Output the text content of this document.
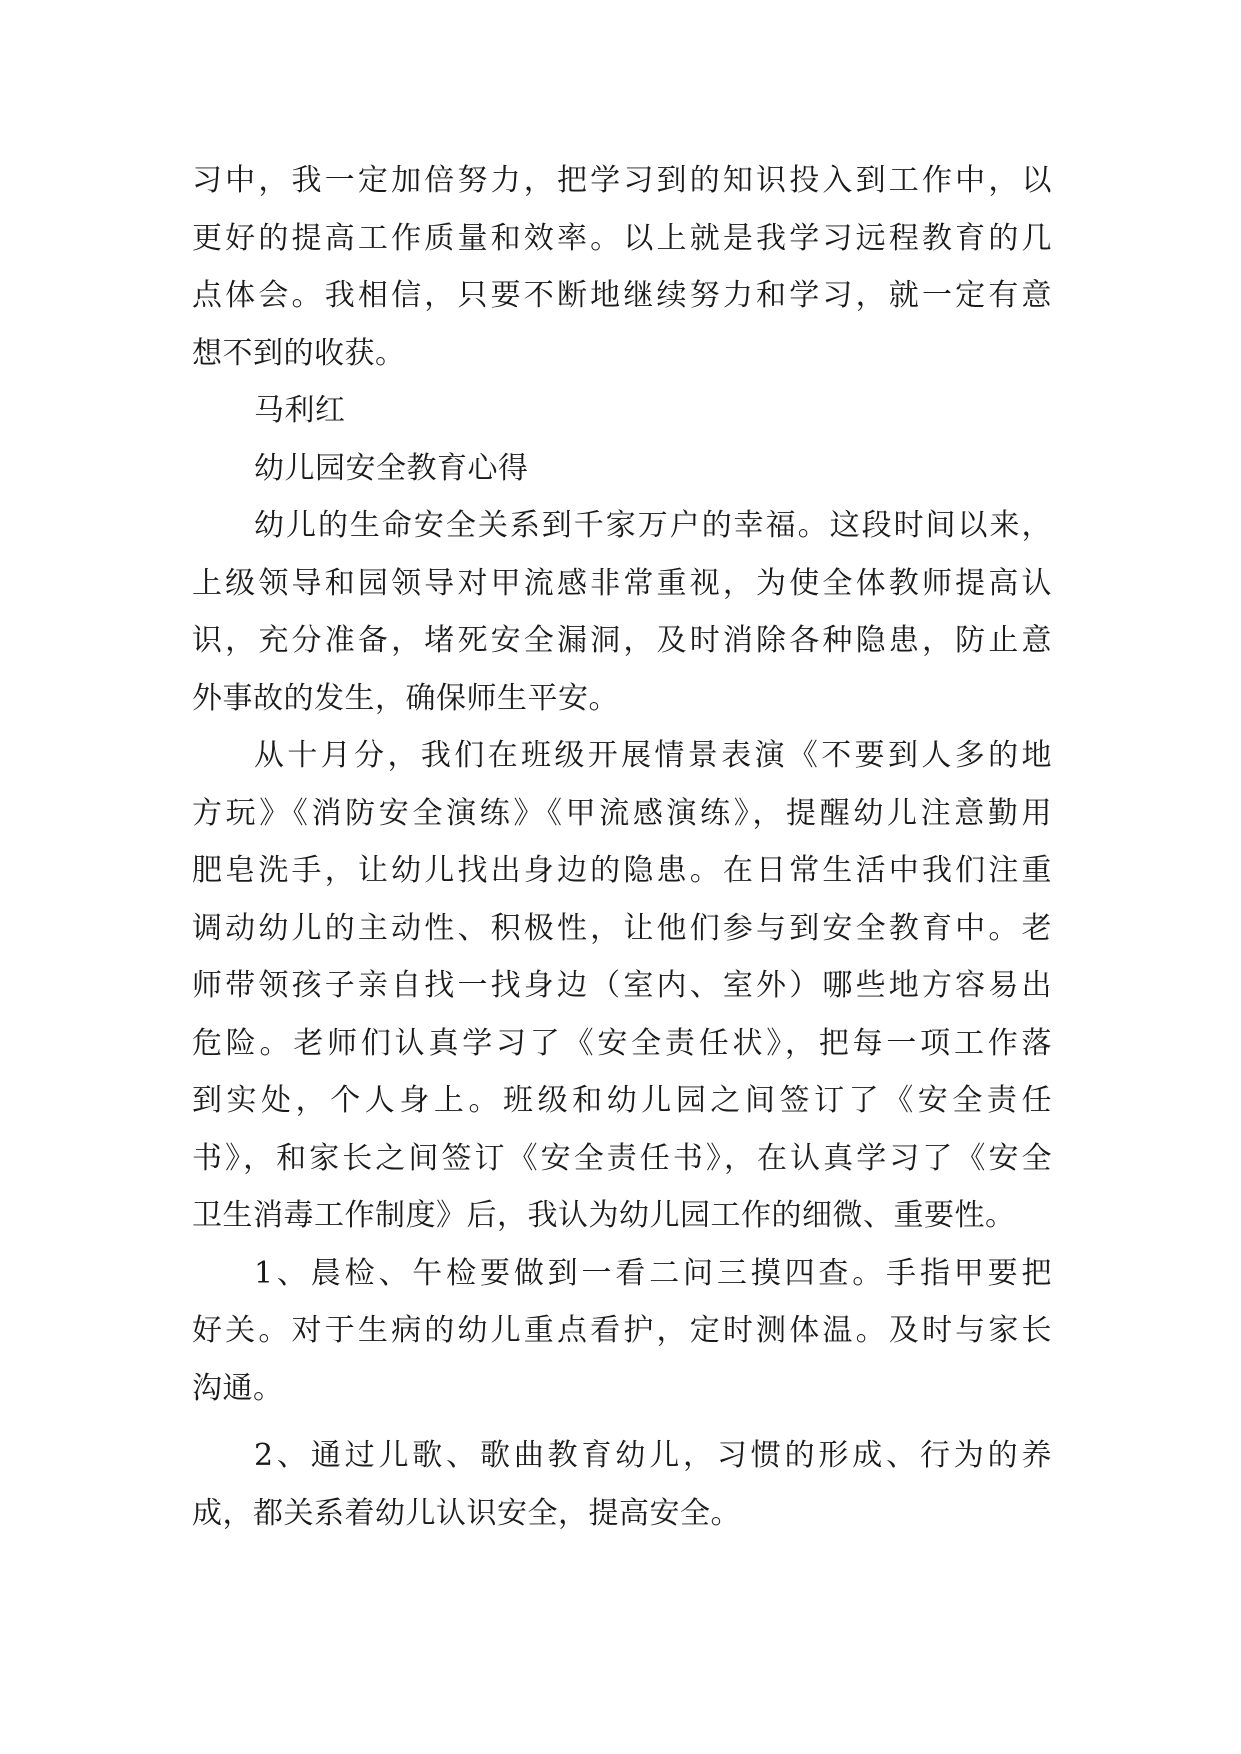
习中，我一定加倍努力，把学习到的知识投入到工作中，以
更好的提高工作质量和效率。以上就是我学习远程教育的几
点体会。我相信，只要不断地继续努力和学习，就一定有意
想不到的收获。
马利红
幼儿园安全教育心得
幼儿的生命安全关系到千家万户的幸福。这段时间以来，
上级领导和园领导对甲流感非常重视，为使全体教师提高认
识，充分准备，堵死安全漏洞，及时消除各种隐患，防止意
外事故的发生，确保师生平安。
从十月分，我们在班级开展情景表演《不要到人多的地
方玩》《消防安全演练》《甲流感演练》，提醒幼儿注意勤用
肥皂洗手，让幼儿找出身边的隐患。在日常生活中我们注重
调动幼儿的主动性、积极性，让他们参与到安全教育中。老
师带领孩子亲自找一找身边（室内、室外）哪些地方容易出
危险。老师们认真学习了《安全责任状》，把每一项工作落
到实处，个人身上。班级和幼儿园之间签订了《安全责任
书》，和家长之间签订《安全责任书》，在认真学习了《安全
卫生消毒工作制度》后，我认为幼儿园工作的细微、重要性。
1、晨检、午检要做到一看二问三摸四查。手指甲要把
好关。对于生病的幼儿重点看护，定时测体温。及时与家长
沟通。
2、通过儿歌、歌曲教育幼儿，习惯的形成、行为的养
成，都关系着幼儿认识安全，提高安全。
